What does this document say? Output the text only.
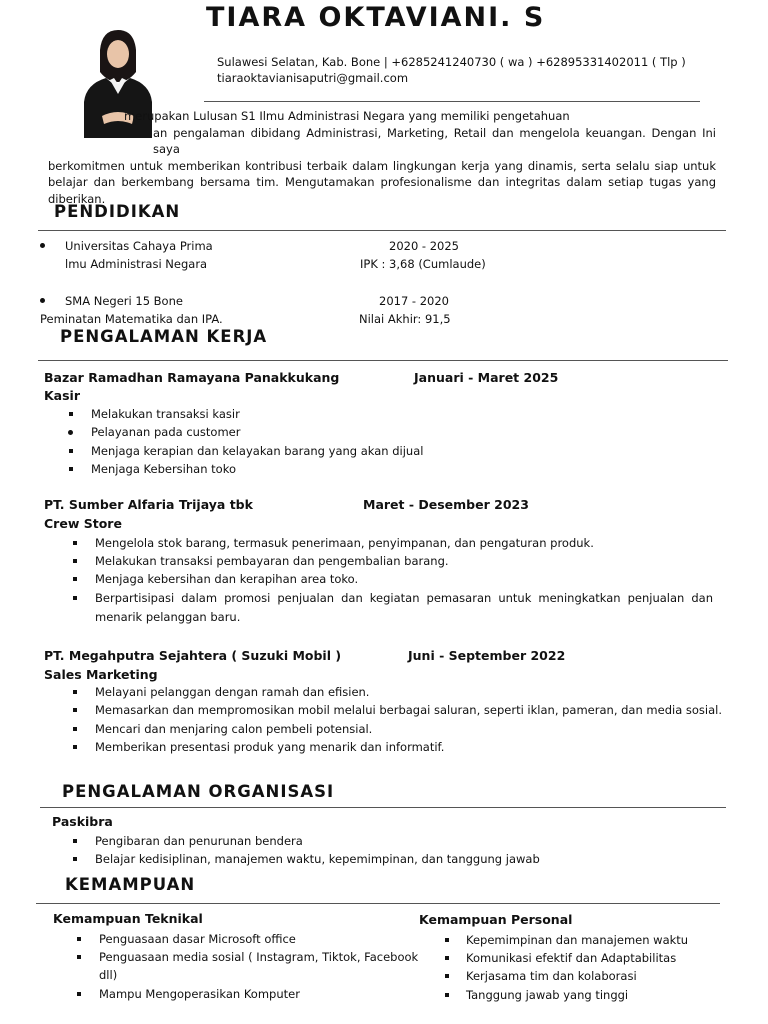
TIARA OKTAVIANI. S
Sulawesi Selatan, Kab. Bone | +6285241240730 ( wa ) +62895331402011 ( Tlp )
tiaraoktavianisaputri@gmail.com
merupakan Lulusan S1 Ilmu Administrasi Negara yang memiliki pengetahuan
an pengalaman dibidang Administrasi, Marketing, Retail dan mengelola keuangan. Dengan Ini saya
berkomitmen untuk memberikan kontribusi terbaik dalam lingkungan kerja yang dinamis, serta selalu siap untuk belajar dan berkembang bersama tim. Mengutamakan profesionalisme dan integritas dalam setiap tugas yang diberikan.
PENDIDIKAN
Universitas Cahaya Prima	2020 - 2025
lmu Administrasi Negara	IPK : 3,68 (Cumlaude)
SMA Negeri 15 Bone	2017 - 2020
Peminatan Matematika dan IPA.	Nilai Akhir: 91,5
PENGALAMAN KERJA
Bazar Ramadhan Ramayana Panakkukang	Januari - Maret 2025
Kasir
Melakukan transaksi kasir
Pelayanan pada customer
Menjaga kerapian dan kelayakan barang yang akan dijual
Menjaga Kebersihan toko
PT. Sumber Alfaria Trijaya tbk	Maret - Desember 2023
Crew Store
Mengelola stok barang, termasuk penerimaan, penyimpanan, dan pengaturan produk.
Melakukan transaksi pembayaran dan pengembalian barang.
Menjaga kebersihan dan kerapihan area toko.
Berpartisipasi dalam promosi penjualan dan kegiatan pemasaran untuk meningkatkan penjualan dan menarik pelanggan baru.
PT. Megahputra Sejahtera ( Suzuki Mobil )	Juni - September 2022
Sales Marketing
Melayani pelanggan dengan ramah dan efisien.
Memasarkan dan mempromosikan mobil melalui berbagai saluran, seperti iklan, pameran, dan media sosial.
Mencari dan menjaring calon pembeli potensial.
Memberikan presentasi produk yang menarik dan informatif.
PENGALAMAN ORGANISASI
Paskibra
Pengibaran dan penurunan bendera
Belajar kedisiplinan, manajemen waktu, kepemimpinan, dan tanggung jawab
KEMAMPUAN
Kemampuan Teknikal
Penguasaan dasar Microsoft office
Penguasaan media sosial ( Instagram, Tiktok, Facebook
dll)
Mampu Mengoperasikan Komputer
Kemampuan Personal
Kepemimpinan dan manajemen waktu
Komunikasi efektif dan Adaptabilitas
Kerjasama tim dan kolaborasi
Tanggung jawab yang tinggi
